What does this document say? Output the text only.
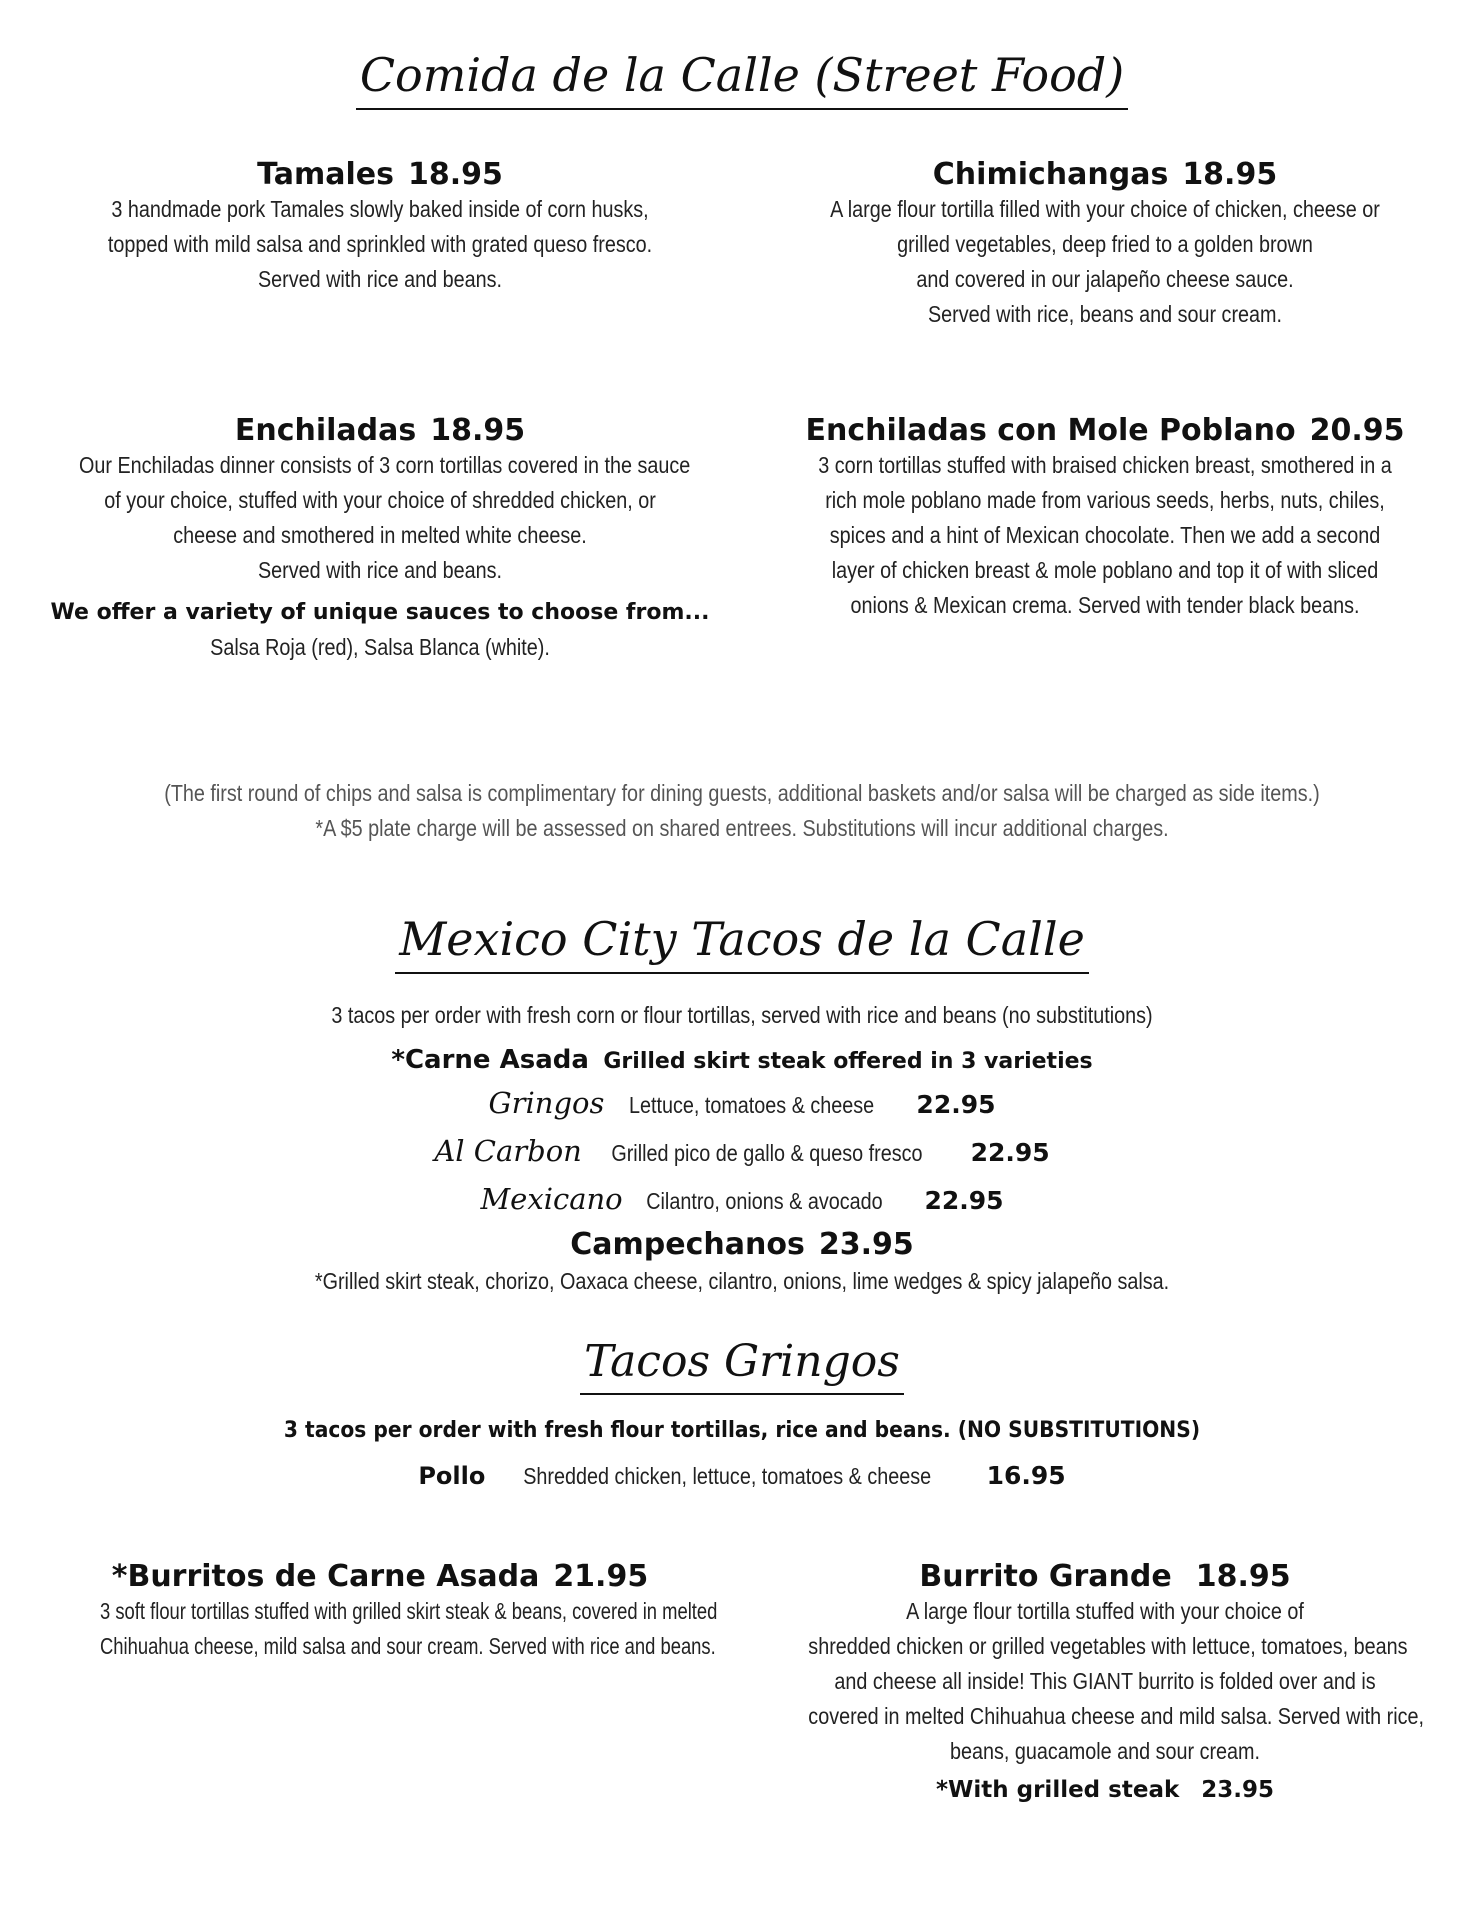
Comida de la Calle (Street Food)
Tamales 18.95
3 handmade pork Tamales slowly baked inside of corn husks,
topped with mild salsa and sprinkled with grated queso fresco.
Served with rice and beans.
Chimichangas 18.95
A large flour tortilla filled with your choice of chicken, cheese or
grilled vegetables, deep fried to a golden brown
and covered in our jalapeño cheese sauce.
Served with rice, beans and sour cream.
Enchiladas 18.95
Our Enchiladas dinner consists of 3 corn tortillas covered in the sauce
of your choice, stuffed with your choice of shredded chicken, or
cheese and smothered in melted white cheese.
Served with rice and beans.
We offer a variety of unique sauces to choose from...
Salsa Roja (red), Salsa Blanca (white).
Enchiladas con Mole Poblano 20.95
3 corn tortillas stuffed with braised chicken breast, smothered in a
rich mole poblano made from various seeds, herbs, nuts, chiles,
spices and a hint of Mexican chocolate. Then we add a second
layer of chicken breast & mole poblano and top it of with sliced
onions & Mexican crema. Served with tender black beans.
(The first round of chips and salsa is complimentary for dining guests, additional baskets and/or salsa will be charged as side items.)
*A $5 plate charge will be assessed on shared entrees. Substitutions will incur additional charges.
Mexico City Tacos de la Calle
3 tacos per order with fresh corn or flour tortillas, served with rice and beans (no substitutions)
*Carne Asada Grilled skirt steak offered in 3 varieties
Gringos Lettuce, tomatoes & cheese 22.95
Al Carbon Grilled pico de gallo & queso fresco 22.95
Mexicano Cilantro, onions & avocado 22.95
Campechanos 23.95
*Grilled skirt steak, chorizo, Oaxaca cheese, cilantro, onions, lime wedges & spicy jalapeño salsa.
Tacos Gringos
3 tacos per order with fresh flour tortillas, rice and beans. (NO SUBSTITUTIONS)
Pollo Shredded chicken, lettuce, tomatoes & cheese 16.95
*Burritos de Carne Asada 21.95
3 soft flour tortillas stuffed with grilled skirt steak & beans, covered in melted
Chihuahua cheese, mild salsa and sour cream. Served with rice and beans.
Burrito Grande 18.95
A large flour tortilla stuffed with your choice of
shredded chicken or grilled vegetables with lettuce, tomatoes, beans
and cheese all inside! This GIANT burrito is folded over and is
covered in melted Chihuahua cheese and mild salsa. Served with rice,
beans, guacamole and sour cream.
*With grilled steak 23.95
